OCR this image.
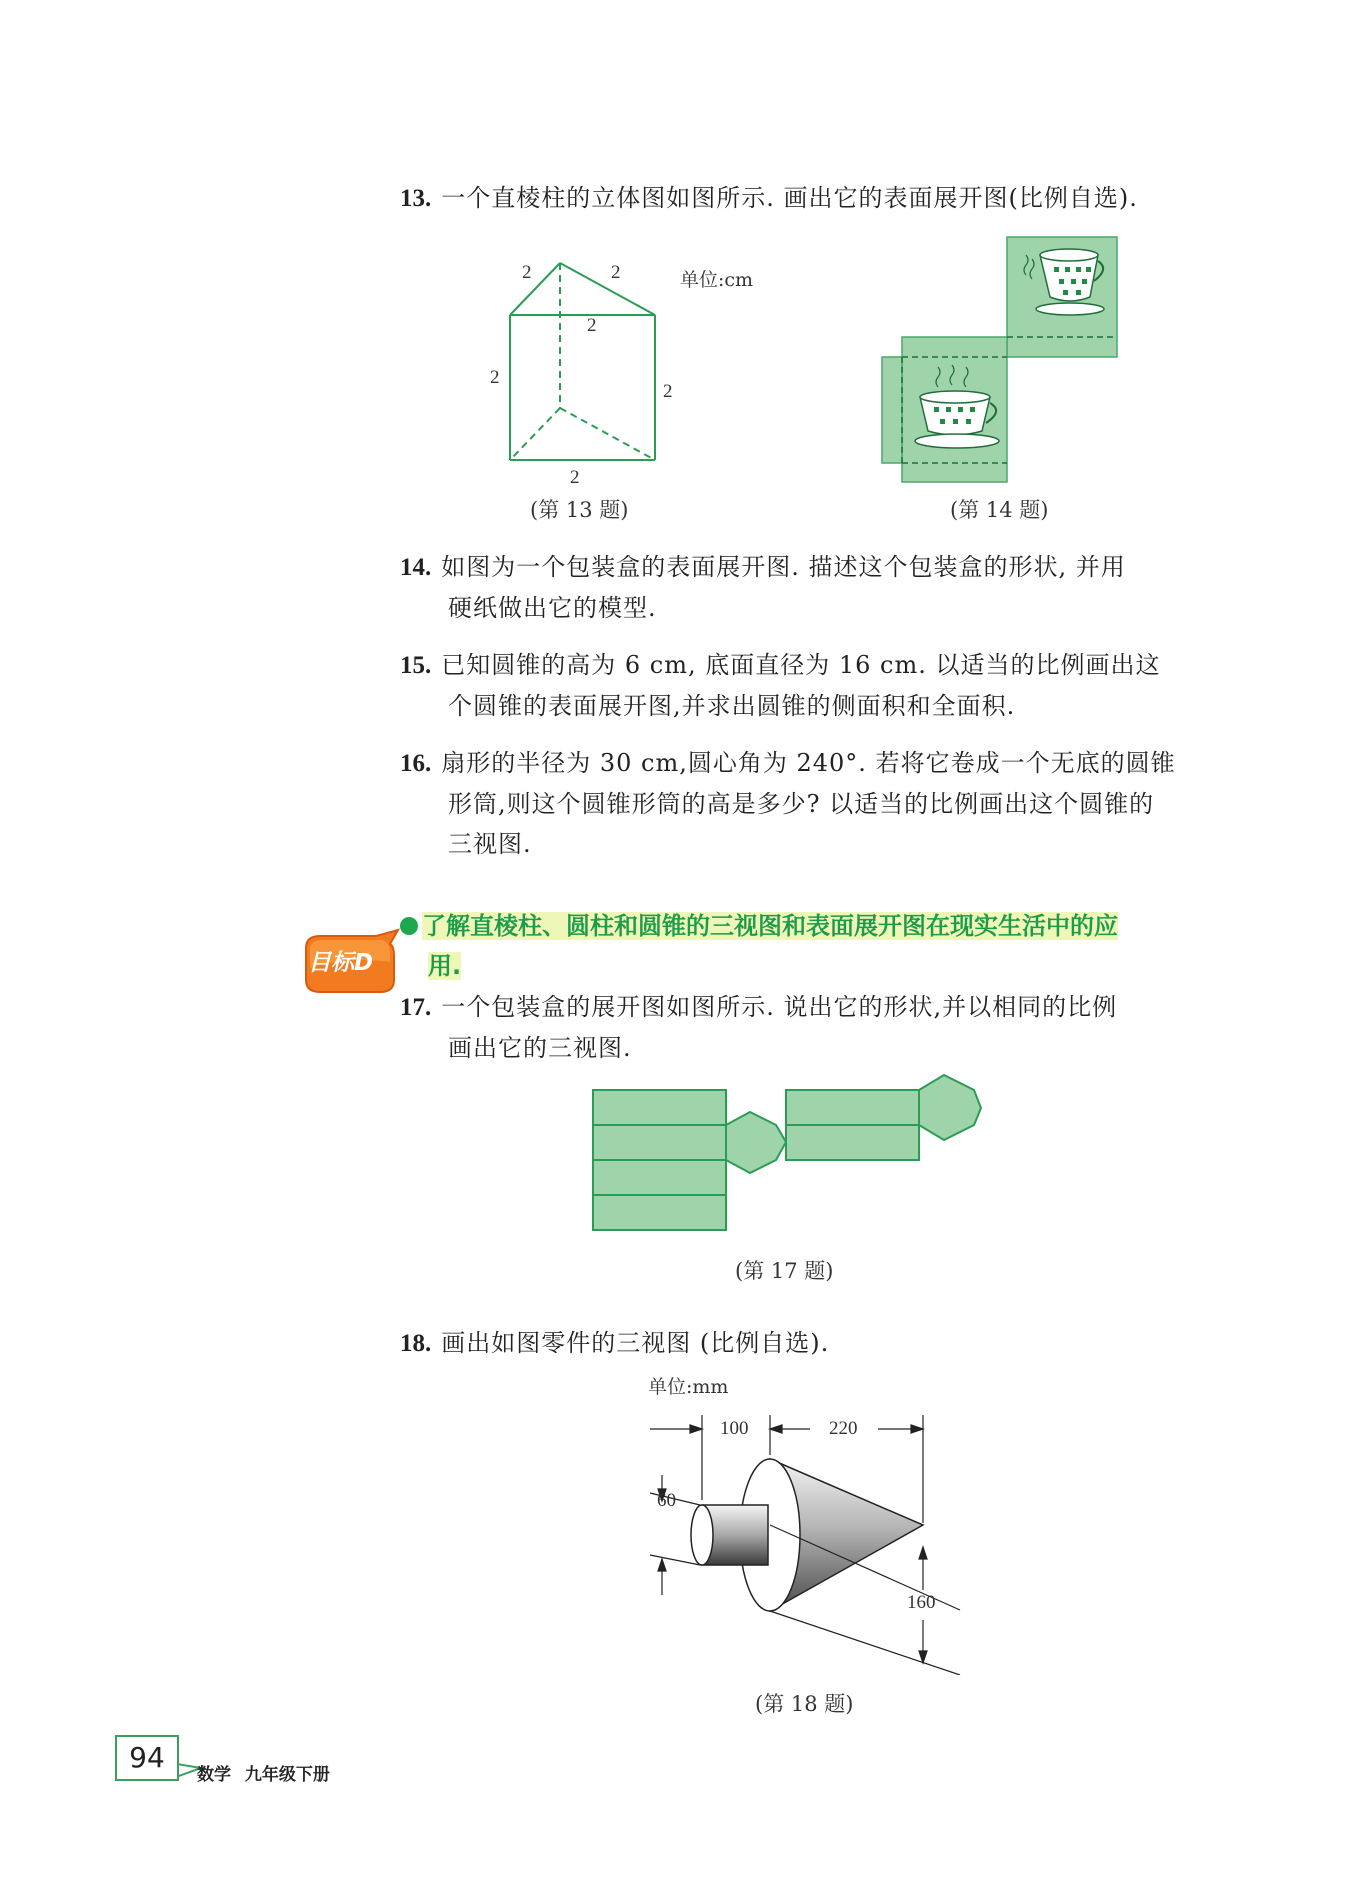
13. 一个直棱柱的立体图如图所示. 画出它的表面展开图(比例自选).
2	2
2
2
2
2
单位:cm
(第 13 题)	(第 14 题)
14. 如图为一个包装盒的表面展开图. 描述这个包装盒的形状, 并用
硬纸做出它的模型.
15. 已知圆锥的高为 6 cm, 底面直径为 16 cm. 以适当的比例画出这
个圆锥的表面展开图,并求出圆锥的侧面积和全面积.
16. 扇形的半径为 30 cm,圆心角为 240°. 若将它卷成一个无底的圆锥
形筒,则这个圆锥形筒的高是多少? 以适当的比例画出这个圆锥的
三视图.
目标D
了解直棱柱、圆柱和圆锥的三视图和表面展开图在现实生活中的应
用.
17. 一个包装盒的展开图如图所示. 说出它的形状,并以相同的比例
画出它的三视图.
(第 17 题)
18. 画出如图零件的三视图 (比例自选).
单位:mm
100	220
60
160
(第 18 题)
94
数学 九年级下册
